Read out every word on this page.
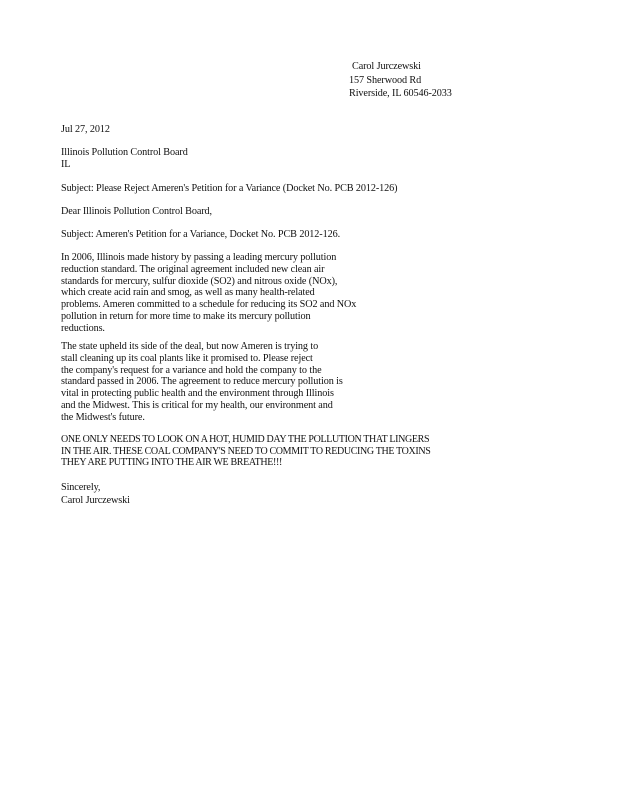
Carol Jurczewski

157 Sherwood Rd

Riverside, IL 60546-2033

Jul 27, 2012

Illinois Pollution Control Board

IL

Subject: Please Reject Ameren's Petition for a Variance (Docket No. PCB 2012-126)

Dear Illinois Pollution Control Board,

Subject: Ameren's Petition for a Variance, Docket No. PCB 2012-126.

In 2006, Illinois made history by passing a leading mercury pollution
reduction standard. The original agreement included new clean air
standards for mercury, sulfur dioxide (SO2) and nitrous oxide (NOx),
which create acid rain and smog, as well as many health-related
problems. Ameren committed to a schedule for reducing its SO2 and NOx
pollution in return for more time to make its mercury pollution
reductions.
The state upheld its side of the deal, but now Ameren is trying to
stall cleaning up its coal plants like it promised to. Please reject
the company's request for a variance and hold the company to the
standard passed in 2006. The agreement to reduce mercury pollution is
vital in protecting public health and the environment through Illinois
and the Midwest. This is critical for my health, our environment and
the Midwest's future.
ONE ONLY NEEDS TO LOOK ON A HOT, HUMID DAY THE POLLUTION THAT LINGERS
IN THE AIR. THESE COAL COMPANY'S NEED TO COMMIT TO REDUCING THE TOXINS
THEY ARE PUTTING INTO THE AIR WE BREATHE!!!

Sincerely,

Carol Jurczewski
